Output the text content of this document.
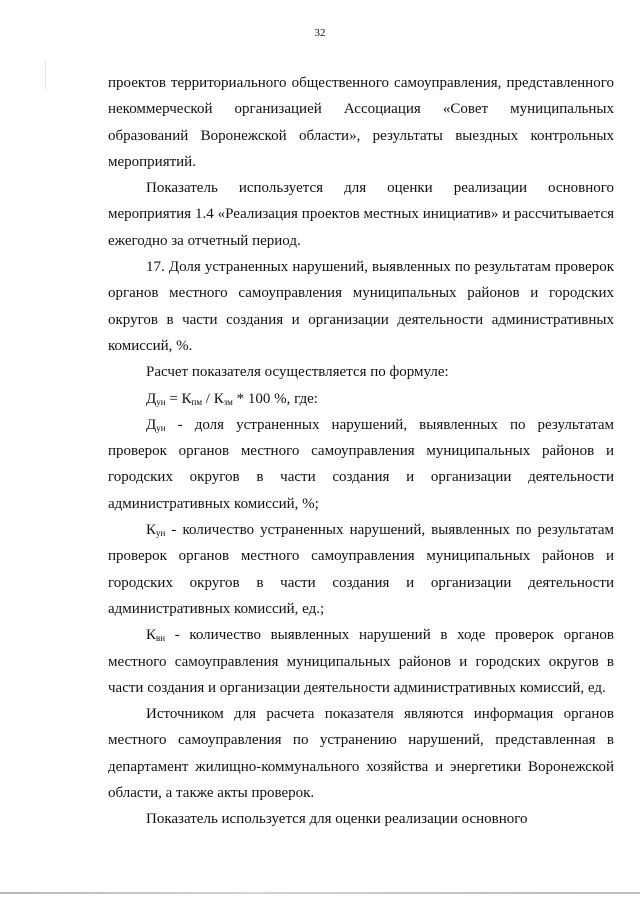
32

проектов территориального общественного самоуправления, представленного некоммерческой организацией Ассоциация «Совет муниципальных образований Воронежской области», результаты выездных контрольных мероприятий.

Показатель используется для оценки реализации основного мероприятия 1.4 «Реализация проектов местных инициатив» и рассчитывается ежегодно за отчетный период.

17. Доля устраненных нарушений, выявленных по результатам проверок органов местного самоуправления муниципальных районов и городских округов в части создания и организации деятельности административных комиссий, %.

Расчет показателя осуществляется по формуле:

$Д_{ун} = К_{пм} / К_{зм} * 100$ %, где:

$Д_{ун}$ - доля устраненных нарушений, выявленных по результатам проверок органов местного самоуправления муниципальных районов и городских округов в части создания и организации деятельности административных комиссий, %;

$К_{ун}$ - количество устраненных нарушений, выявленных по результатам проверок органов местного самоуправления муниципальных районов и городских округов в части создания и организации деятельности административных комиссий, ед.;

$К_{вн}$ - количество выявленных нарушений в ходе проверок органов местного самоуправления муниципальных районов и городских округов в части создания и организации деятельности административных комиссий, ед.

Источником для расчета показателя являются информация органов местного самоуправления по устранению нарушений, представленная в департамент жилищно-коммунального хозяйства и энергетики Воронежской области, а также акты проверок.

Показатель используется для оценки реализации основного
